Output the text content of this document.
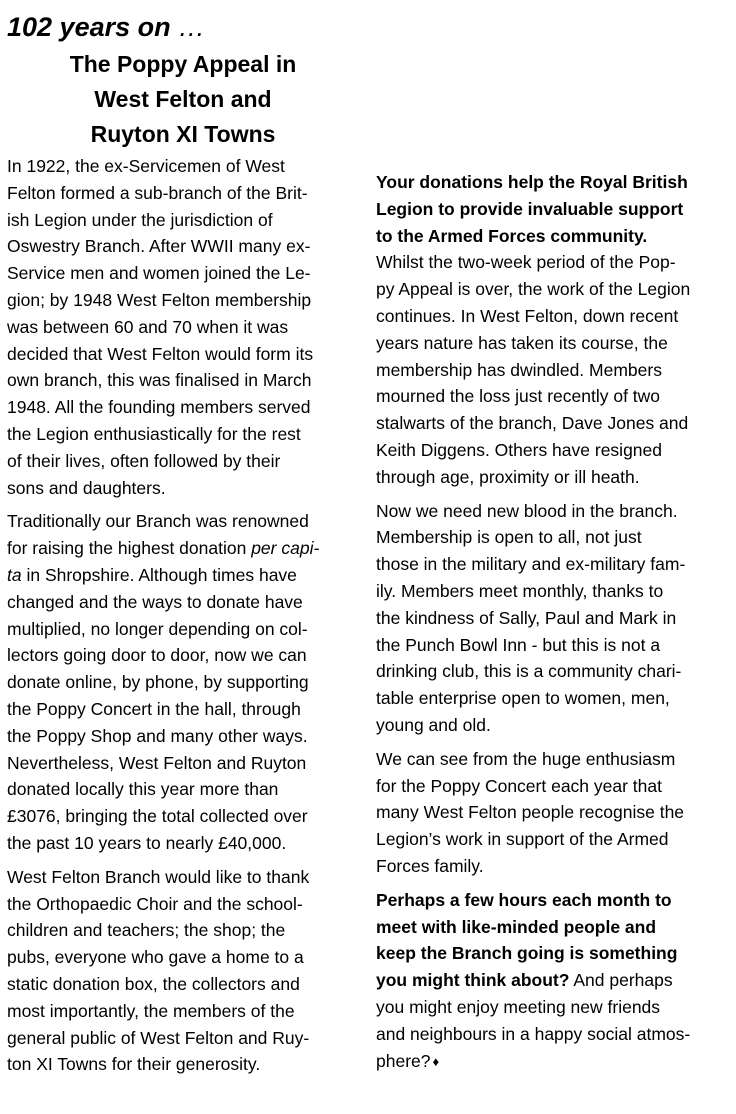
102 years on …
The Poppy Appeal in
West Felton and
Ruyton XI Towns

In 1922, the ex-Servicemen of West
Felton formed a sub-branch of the Brit-
ish Legion under the jurisdiction of
Oswestry Branch. After WWII many ex-
Service men and women joined the Le-
gion; by 1948 West Felton membership
was between 60 and 70 when it was
decided that West Felton would form its
own branch, this was finalised in March
1948. All the founding members served
the Legion enthusiastically for the rest
of their lives, often followed by their
sons and daughters.

Traditionally our Branch was renowned
for raising the highest donation per capi-
ta in Shropshire. Although times have
changed and the ways to donate have
multiplied, no longer depending on col-
lectors going door to door, now we can
donate online, by phone, by supporting
the Poppy Concert in the hall, through
the Poppy Shop and many other ways.
Nevertheless, West Felton and Ruyton
donated locally this year more than
£3076, bringing the total collected over
the past 10 years to nearly £40,000.

West Felton Branch would like to thank
the Orthopaedic Choir and the school-
children and teachers; the shop; the
pubs, everyone who gave a home to a
static donation box, the collectors and
most importantly, the members of the
general public of West Felton and Ruy-
ton XI Towns for their generosity.

Your donations help the Royal British
Legion to provide invaluable support
to the Armed Forces community.
Whilst the two-week period of the Pop-
py Appeal is over, the work of the Legion
continues. In West Felton, down recent
years nature has taken its course, the
membership has dwindled. Members
mourned the loss just recently of two
stalwarts of the branch, Dave Jones and
Keith Diggens. Others have resigned
through age, proximity or ill heath.

Now we need new blood in the branch.
Membership is open to all, not just
those in the military and ex-military fam-
ily. Members meet monthly, thanks to
the kindness of Sally, Paul and Mark in
the Punch Bowl Inn - but this is not a
drinking club, this is a community chari-
table enterprise open to women, men,
young and old.

We can see from the huge enthusiasm
for the Poppy Concert each year that
many West Felton people recognise the
Legion’s work in support of the Armed
Forces family.

Perhaps a few hours each month to
meet with like-minded people and
keep the Branch going is something
you might think about? And perhaps
you might enjoy meeting new friends
and neighbours in a happy social atmos-
phere? ♦
